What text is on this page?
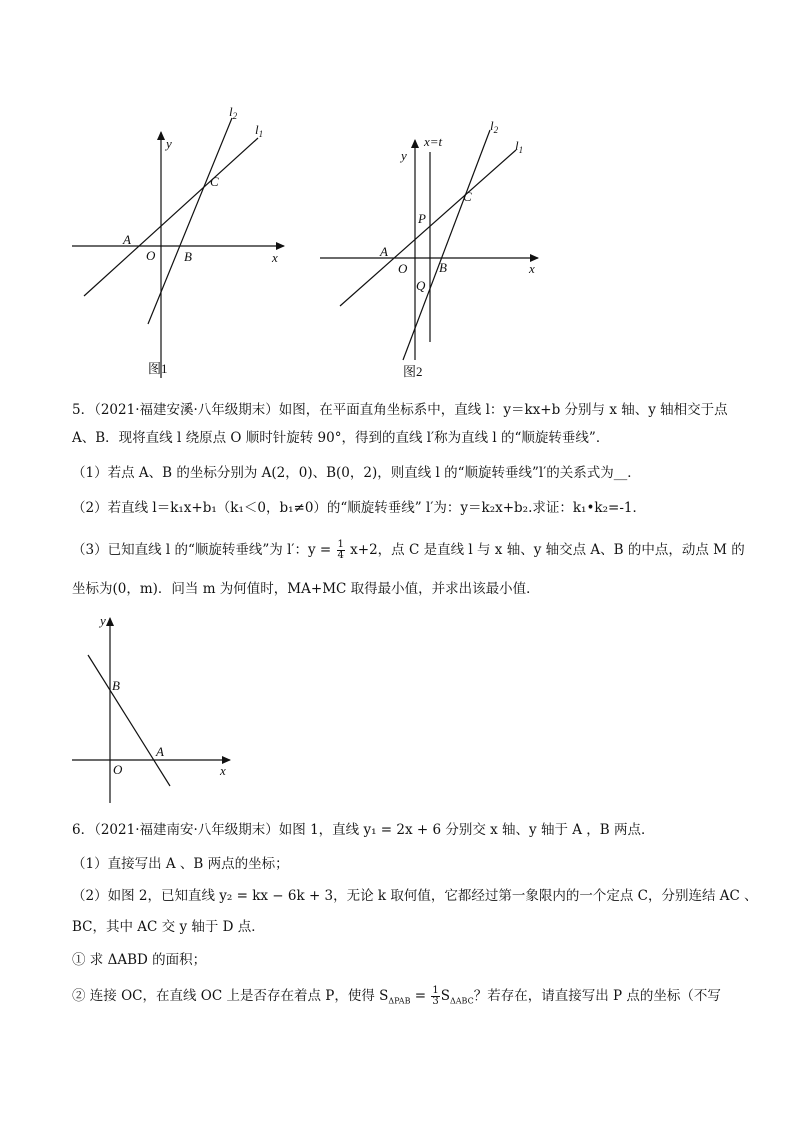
y
x
O
A
B
C
$l_1$
$l_2$
图1
y
x=t
x
O
A
B
C
P
Q
$l_1$
$l_2$
图2
5．（2021·福建安溪·八年级期末）如图，在平面直角坐标系中，直线 l：y＝kx+b 分别与 x 轴、y 轴相交于点
A、B．现将直线 l 绕原点 O 顺时针旋转 90°，得到的直线 l′称为直线 l 的“顺旋转垂线”．
（1）若点 A、B 的坐标分别为 A(2，0)、B(0，2)，则直线 l 的“顺旋转垂线”l′的关系式为__．
（2）若直线 l＝k₁x+b₁（k₁＜0，b₁≠0）的“顺旋转垂线” l′为：y＝k₂x+b₂.求证：k₁•k₂=-1．
（3）已知直线 l 的“顺旋转垂线”为 l′：$y = \frac{1}{4} x+2$，点 C 是直线 l 与 x 轴、y 轴交点 A、B 的中点，动点 M 的
坐标为(0，m)．问当 m 为何值时，MA+MC 取得最小值，并求出该最小值．
y
x
O
B
A
6．（2021·福建南安·八年级期末）如图 1，直线 y₁ = 2x + 6 分别交 x 轴、y 轴于 A ，B 两点．
（1）直接写出 A 、B 两点的坐标；
（2）如图 2，已知直线 y₂ = kx − 6k + 3，无论 k 取何值，它都经过第一象限内的一个定点 C，分别连结 AC 、
BC，其中 AC 交 y 轴于 D 点．
① 求 ΔABD 的面积；
② 连接 OC，在直线 OC 上是否存在着点 P，使得 $S_{\Delta PAB} = \frac{1}{3} S_{\Delta ABC}$？若存在，请直接写出 P 点的坐标（不写
